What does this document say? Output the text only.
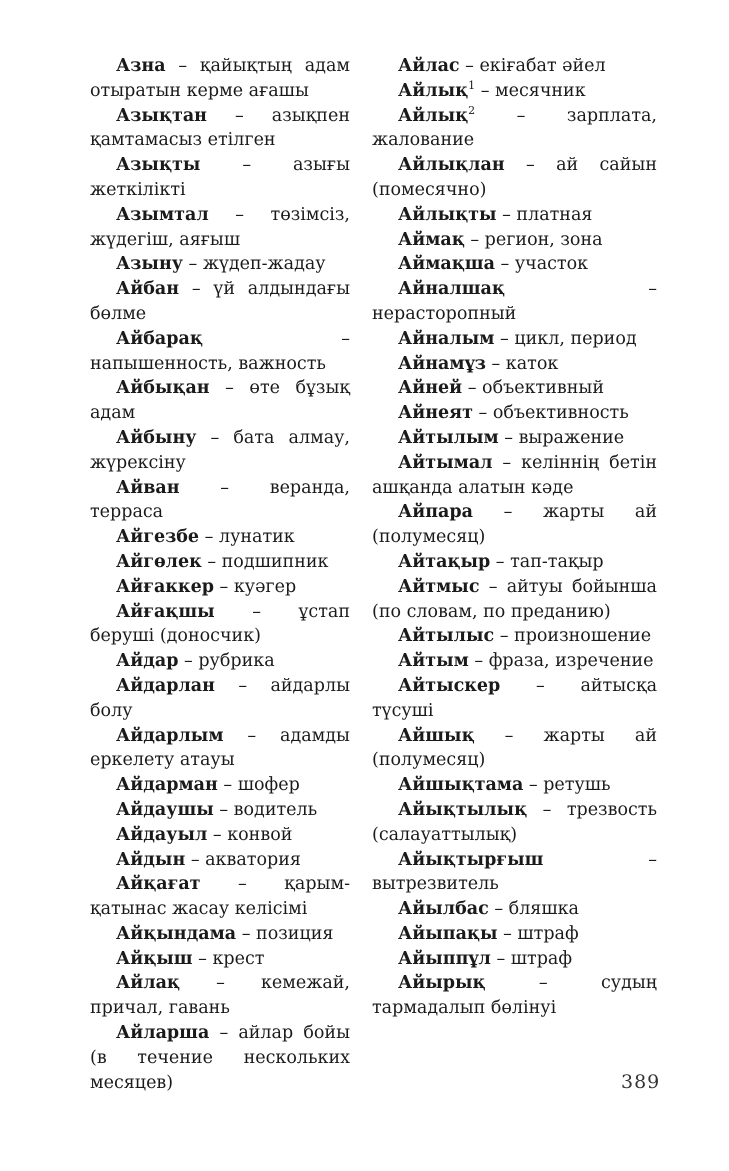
Азна – қайықтың адам отыратын керме ағашы

Азықтан – азықпен қамтамасыз етілген

Азықты – азығы жеткілікті

Азымтал – төзімсіз, жүдегіш, аяғыш

Азыну – жүдеп-жадау

Айбан – үй алдындағы бөлме

Айбарақ – напышенность, важность

Айбықан – өте бұзық адам

Айбыну – бата алмау, жүрексіну

Айван – веранда, терраса

Айгезбе – лунатик

Айгөлек – подшипник

Айғаккер – куәгер

Айғақшы – ұстап беруші (доносчик)

Айдар – рубрика

Айдарлан – айдарлы болу

Айдарлым – адамды еркелету атауы

Айдарман – шофер

Айдаушы – водитель

Айдауыл – конвой

Айдын – акватория

Айқағат – қарым-қатынас жасау келісімі

Айқындама – позиция

Айқыш – крест

Айлақ – кемежай, причал, гавань

Айларша – айлар бойы (в течение нескольких месяцев)

Айлас – екіғабат әйел

Айлық$^1$ – месячник

Айлық$^2$ – зарплата, жалование

Айлықлан – ай сайын (помесячно)

Айлықты – платная

Аймақ – регион, зона

Аймақша – участок

Айналшақ – нерасторопный

Айналым – цикл, период

Айнамұз – каток

Айней – объективный

Айнеят – объективность

Айтылым – выражение

Айтымал – келіннің бетін ашқанда алатын кәде

Айпара – жарты ай (полумесяц)

Айтақыр – тап-тақыр

Айтмыс – айтуы бойынша (по словам, по преданию)

Айтылыс – произношение

Айтым – фраза, изречение

Айтыскер – айтысқа түсуші

Айшық – жарты ай (полумесяц)

Айшықтама – ретушь

Айықтылық – трезвость (салауаттылық)

Айықтырғыш – вытрезвитель

Айылбас – бляшка

Айыпақы – штраф

Айыппұл – штраф

Айырық – судың тармадалып бөлінуі

389
